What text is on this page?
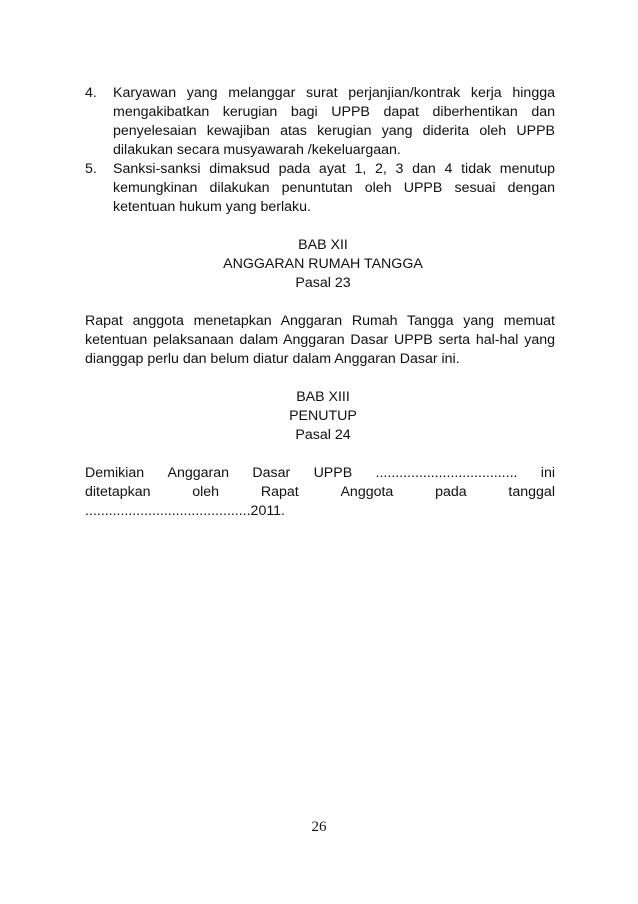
4. Karyawan yang melanggar surat perjanjian/kontrak kerja hingga mengakibatkan kerugian bagi UPPB dapat diberhentikan dan penyelesaian kewajiban atas kerugian yang diderita oleh UPPB dilakukan secara musyawarah /kekeluargaan.
5. Sanksi-sanksi dimaksud pada ayat 1, 2, 3 dan 4 tidak menutup kemungkinan dilakukan penuntutan oleh UPPB sesuai dengan ketentuan hukum yang berlaku.
BAB XII
ANGGARAN RUMAH TANGGA
Pasal 23

Rapat anggota menetapkan Anggaran Rumah Tangga yang memuat ketentuan pelaksanaan dalam Anggaran Dasar UPPB serta hal-hal yang dianggap perlu dan belum diatur dalam Anggaran Dasar ini.

BAB XIII
PENUTUP
Pasal 24
Demikian Anggaran Dasar UPPB .................................... ini
ditetapkan	oleh	Rapat	Anggota	pada	tanggal
..........................................2011.
26
